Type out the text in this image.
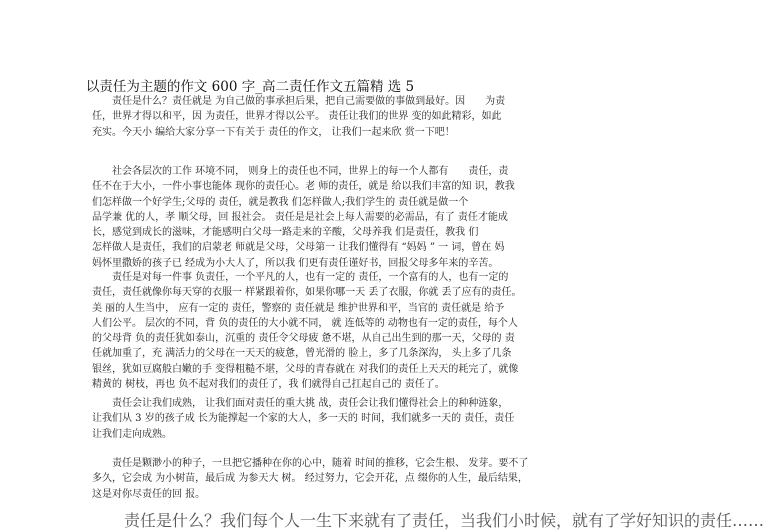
以责任为主题的作文 600 字_高二责任作文五篇精 选 5
　　责任是什么？责任就是 为自己做的事承担后果，把自己需要做的事做到最好。因　　为责
任，世界才得以和平，因 为责任，世界才得以公平。 责任让我们的世界 变的如此精彩，如此
充实。今天小 编给大家分享一下有关于 责任的作文， 让我们一起来欣 赏一下吧！
　　社会各层次的工作 环境不同， 则身上的责任也不同，世界上的每一个人都有　　责任，责
任不在于大小，一件小事也能体 现你的责任心。老 师的责任，就是 给以我们丰富的知 识，教我
们怎样做一个好学生;父母的 责任，就是教我 们怎样做人;我们学生的 责任就是做一个
品学兼 优的人，孝 顺父母，回 报社会。 责任是是社会上每人需要的必需品，有了 责任才能成
长，感觉到成长的滋味，才能感明白父母一路走来的辛酸，父母养我 们是责任，教我 们
怎样做人是责任，我们的启蒙老 师就是父母，父母第一 让我们懂得有 “妈妈 ” 一 词，曾在 妈
妈怀里撒娇的孩子已 经成为小大人了，所以我 们更有责任谨好书，回报父母多年来的辛苦。
　　责任是对每一件事 负责任，一个平凡的人，也有一定的 责任，一个富有的人，也有一定的
责任，责任就像你每天穿的衣服一 样紧跟着你，如果你哪一天 丢了衣服，你就 丢了应有的责任。
美 丽的人生当中， 应有一定的 责任，警察的 责任就是 维护世界和平，当官的 责任就是 给予
人们公平。 层次的不同，背 负的责任的大小就不同， 就 连低等的 动物也有一定的责任，每个人
的父母背 负的责任犹如泰山，沉重的 责任令父母疲 惫不堪，从自己出生到的那一天，父母的 责
任就加重了，充 满活力的父母在一天天的疲惫，曾光滑的 脸上，多了几条深沟， 头上多了几条
银丝，犹如豆腐般白嫩的手 变得粗糙不堪，父母的青春就在 对我们的责任上天天的耗完了，就像
精黄的 树枝，再也 负不起对我们的责任了，我 们就得自己扛起自己的 责任了。
　　责任会让我们成熟， 让我们面对责任的重大挑 战，责任会让我们懂得社会上的种种涟象，
让我们从 3 岁的孩子成 长为能撑起一个家的大人，多一天的 时间，我们就多一天的 责任，责任
让我们走向成熟。
　　责任是颗渺小的种子，一旦把它播种在你的心中，随着 时间的推移，它会生根、 发芽。要不了
多久，它会成 为小树苗，最后成 为参天大 树。 经过努力，它会开花，点 缀你的人生，最后结果，
这是对你尽责任的回 报。
　　责任是什么？我们每个人一生下来就有了责任，当我们小时候，就有了学好知识的责任……
